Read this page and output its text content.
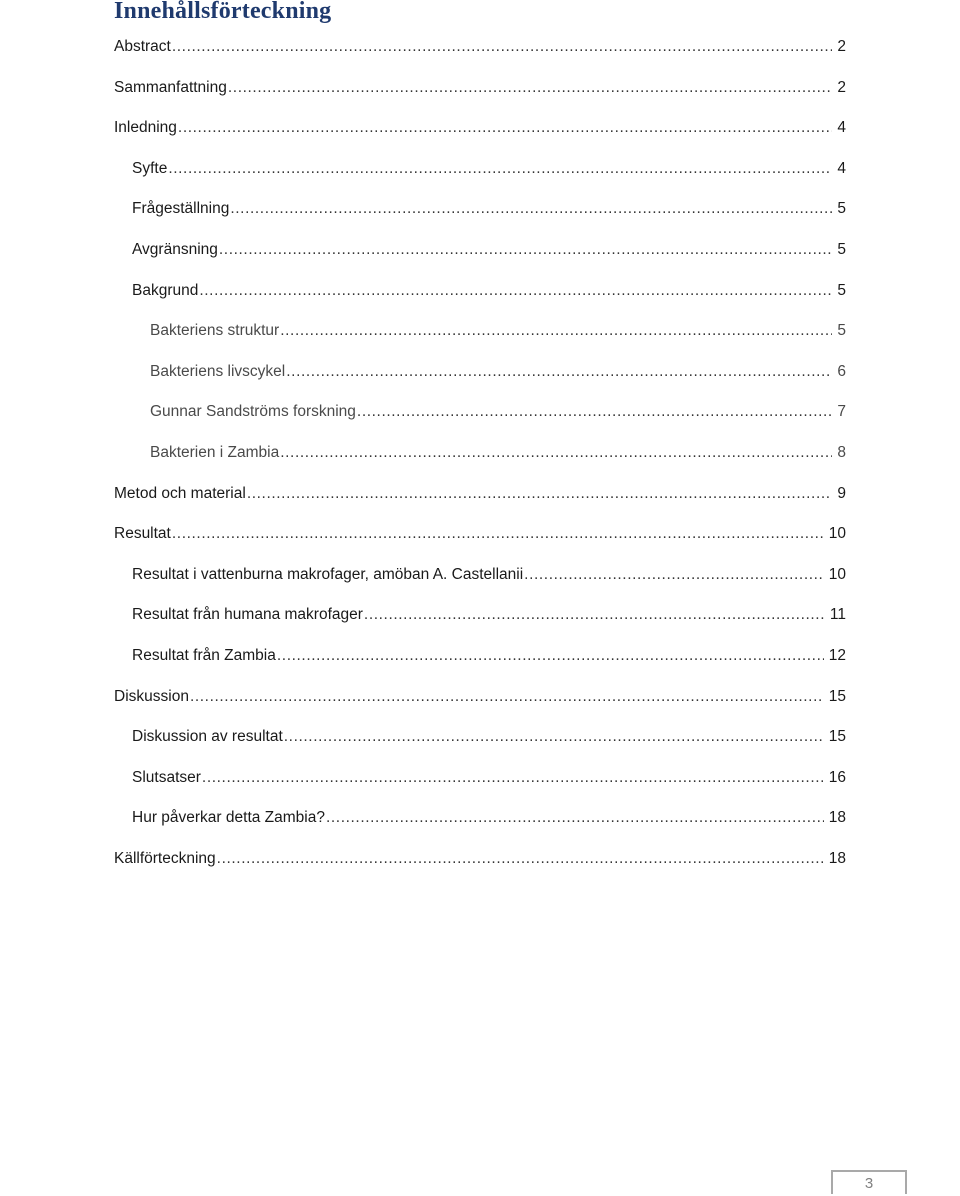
Innehållsförteckning
Abstract .....	2
Sammanfattning .....	2
Inledning .....	4
Syfte .....	4
Frågeställning .....	5
Avgränsning .....	5
Bakgrund .....	5
Bakteriens struktur .....	5
Bakteriens livscykel .....	6
Gunnar Sandströms forskning .....	7
Bakterien i Zambia .....	8
Metod och material .....	9
Resultat .....	10
Resultat i vattenburna makrofager, amöban A. Castellanii .....	10
Resultat från humana makrofager .....	11
Resultat från Zambia .....	12
Diskussion .....	15
Diskussion av resultat .....	15
Slutsatser .....	16
Hur påverkar detta Zambia? .....	18
Källförteckning .....	18
3
